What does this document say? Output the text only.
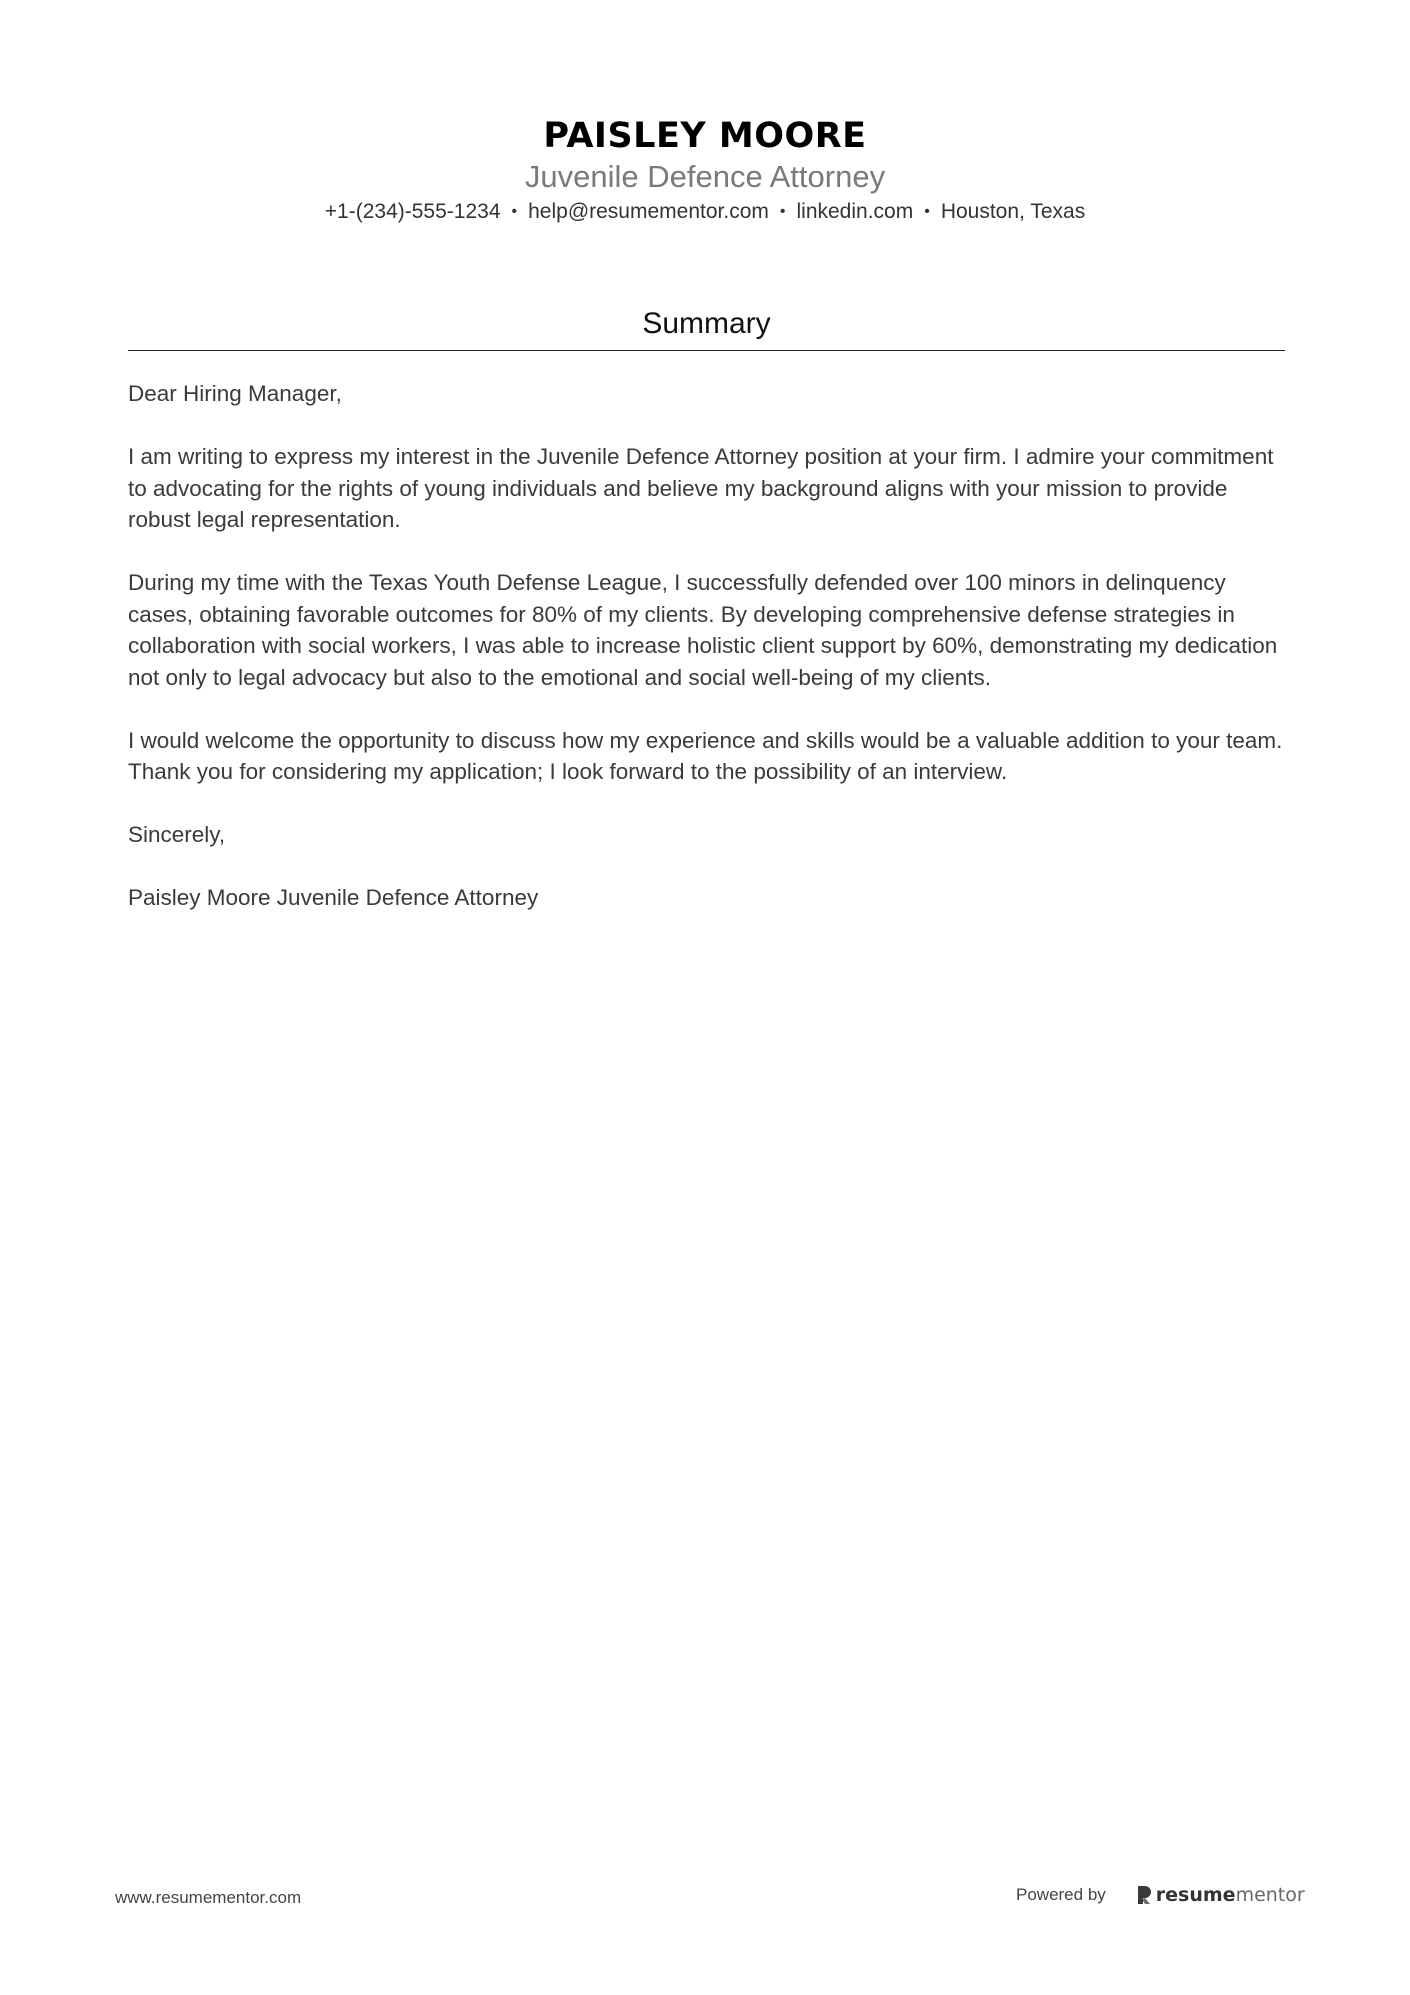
PAISLEY MOORE
Juvenile Defence Attorney
+1-(234)-555-1234 • help@resumementor.com • linkedin.com • Houston, Texas
Summary

Dear Hiring Manager,

I am writing to express my interest in the Juvenile Defence Attorney position at your firm. I admire your commitment to advocating for the rights of young individuals and believe my background aligns with your mission to provide robust legal representation.

During my time with the Texas Youth Defense League, I successfully defended over 100 minors in delinquency cases, obtaining favorable outcomes for 80% of my clients. By developing comprehensive defense strategies in collaboration with social workers, I was able to increase holistic client support by 60%, demonstrating my dedication not only to legal advocacy but also to the emotional and social well-being of my clients.

I would welcome the opportunity to discuss how my experience and skills would be a valuable addition to your team. Thank you for considering my application; I look forward to the possibility of an interview.

Sincerely,

Paisley Moore Juvenile Defence Attorney

www.resumementor.com	Powered by	resume mentor
